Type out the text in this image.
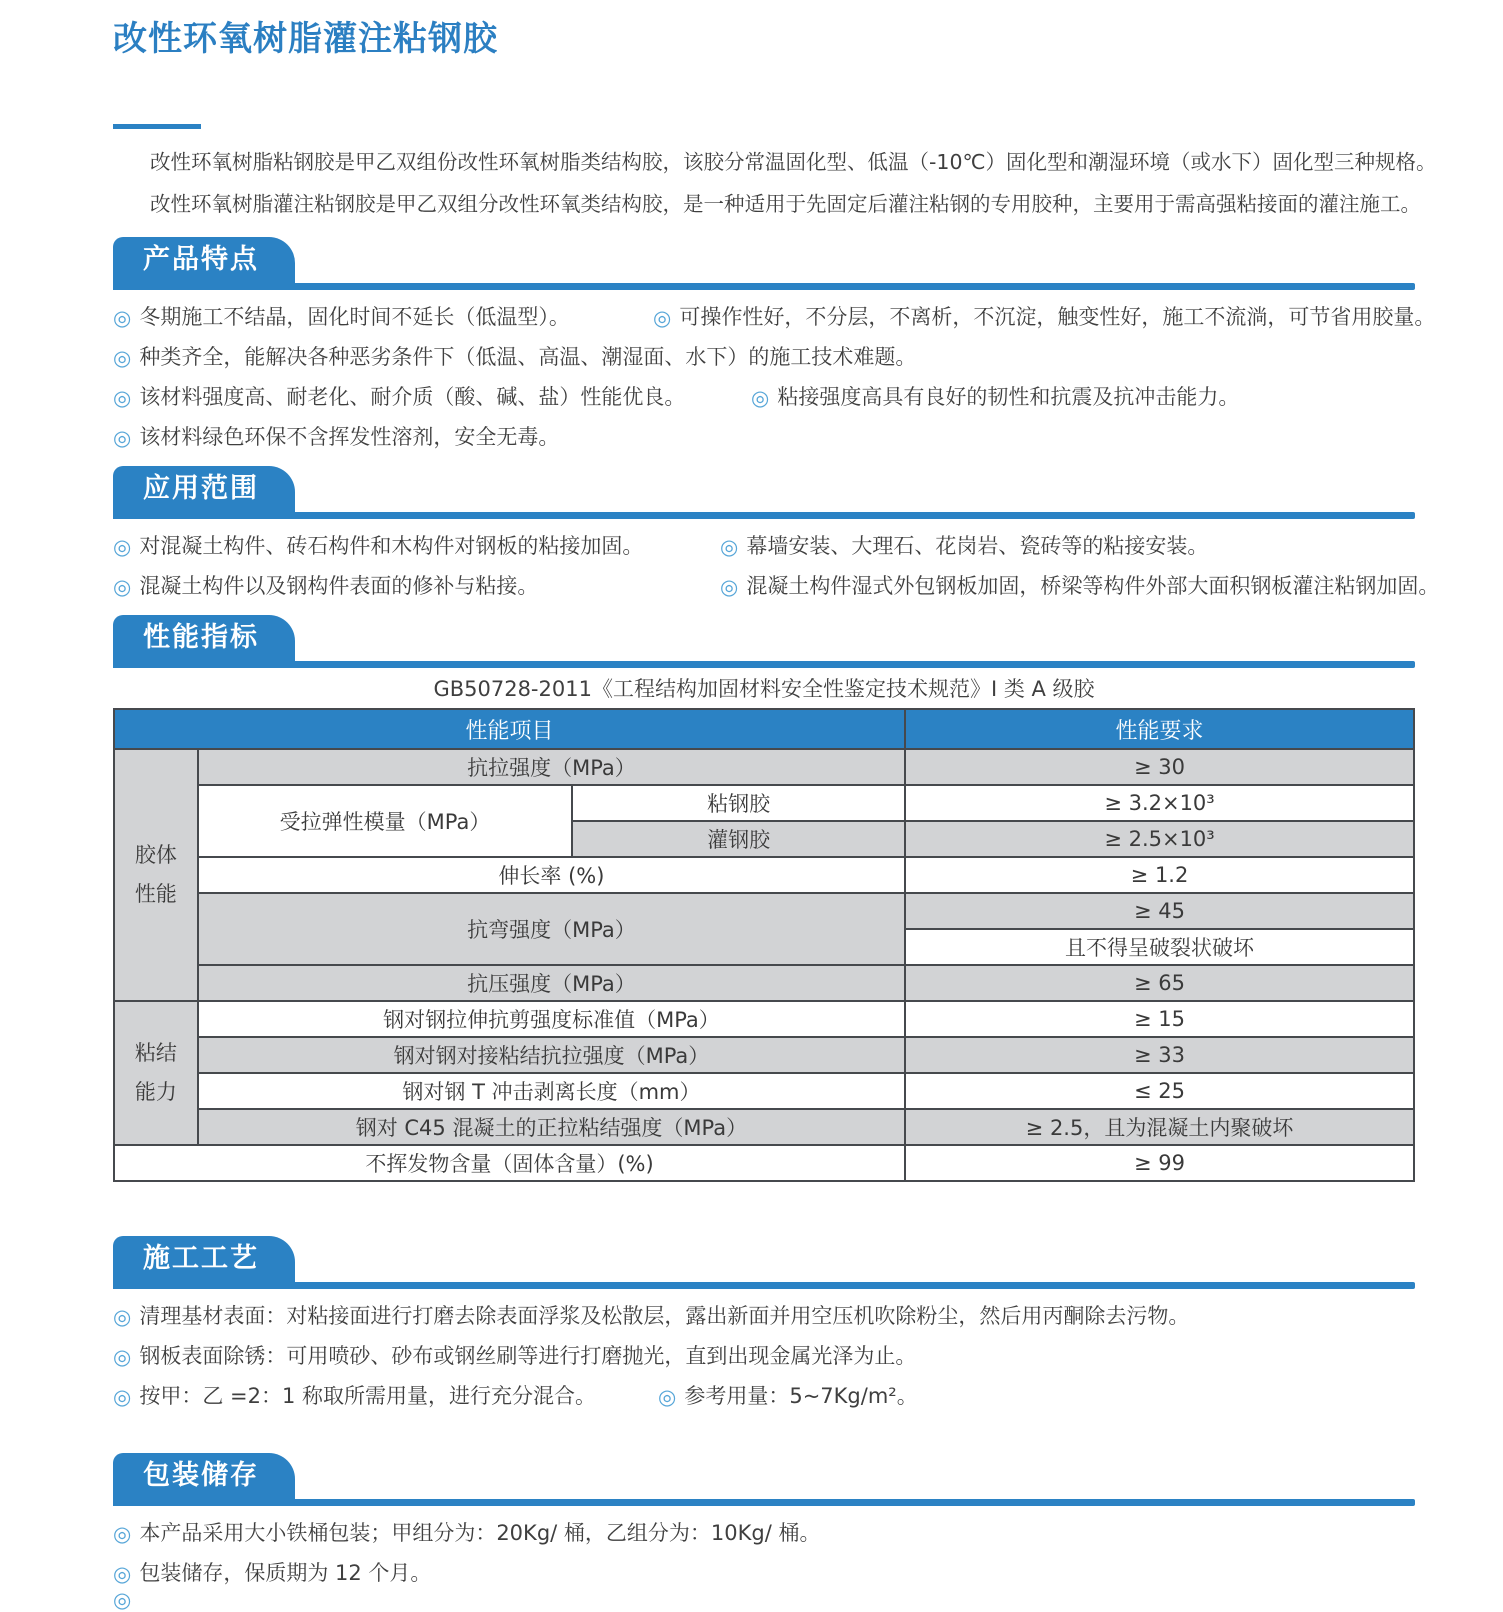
改性环氧树脂灌注粘钢胶

改性环氧树脂粘钢胶是甲乙双组份改性环氧树脂类结构胶，该胶分常温固化型、低温（-10℃）固化型和潮湿环境（或水下）固化型三种规格。

改性环氧树脂灌注粘钢胶是甲乙双组分改性环氧类结构胶，是一种适用于先固定后灌注粘钢的专用胶种，主要用于需高强粘接面的灌注施工。

产品特点
◎ 冬期施工不结晶，固化时间不延长（低温型）。	◎ 可操作性好，不分层，不离析，不沉淀，触变性好，施工不流淌，可节省用胶量。
◎ 种类齐全，能解决各种恶劣条件下（低温、高温、潮湿面、水下）的施工技术难题。
◎ 该材料强度高、耐老化、耐介质（酸、碱、盐）性能优良。	◎ 粘接强度高具有良好的韧性和抗震及抗冲击能力。
◎ 该材料绿色环保不含挥发性溶剂，安全无毒。
应用范围
◎ 对混凝土构件、砖石构件和木构件对钢板的粘接加固。	◎ 幕墙安装、大理石、花岗岩、瓷砖等的粘接安装。
◎ 混凝土构件以及钢构件表面的修补与粘接。	◎ 混凝土构件湿式外包钢板加固，桥梁等构件外部大面积钢板灌注粘钢加固。
性能指标
GB50728-2011《工程结构加固材料安全性鉴定技术规范》I 类 A 级胶
性能项目			性能要求
胶体性能	抗拉强度（MPa）		≥ 30
	受拉弹性模量（MPa）	粘钢胶	≥ 3.2×10³
		灌钢胶	≥ 2.5×10³
	伸长率 (%)		≥ 1.2
	抗弯强度（MPa）		≥ 45
			且不得呈破裂状破坏
	抗压强度（MPa）		≥ 65
粘结能力	钢对钢拉伸抗剪强度标准值（MPa）		≥ 15
	钢对钢对接粘结抗拉强度（MPa）		≥ 33
	钢对钢 T 冲击剥离长度（mm）		≤ 25
	钢对 C45 混凝土的正拉粘结强度（MPa）		≥ 2.5，且为混凝土内聚破坏
不挥发物含量（固体含量）(%)			≥ 99
施工工艺
◎ 清理基材表面：对粘接面进行打磨去除表面浮浆及松散层，露出新面并用空压机吹除粉尘，然后用丙酮除去污物。
◎ 钢板表面除锈：可用喷砂、砂布或钢丝刷等进行打磨抛光，直到出现金属光泽为止。
◎ 按甲：乙 =2：1 称取所需用量，进行充分混合。	◎ 参考用量：5~7Kg/m²。
包装储存
◎ 本产品采用大小铁桶包装；甲组分为：20Kg/ 桶，乙组分为：10Kg/ 桶。
◎ 包装储存，保质期为 12 个月。
◎
